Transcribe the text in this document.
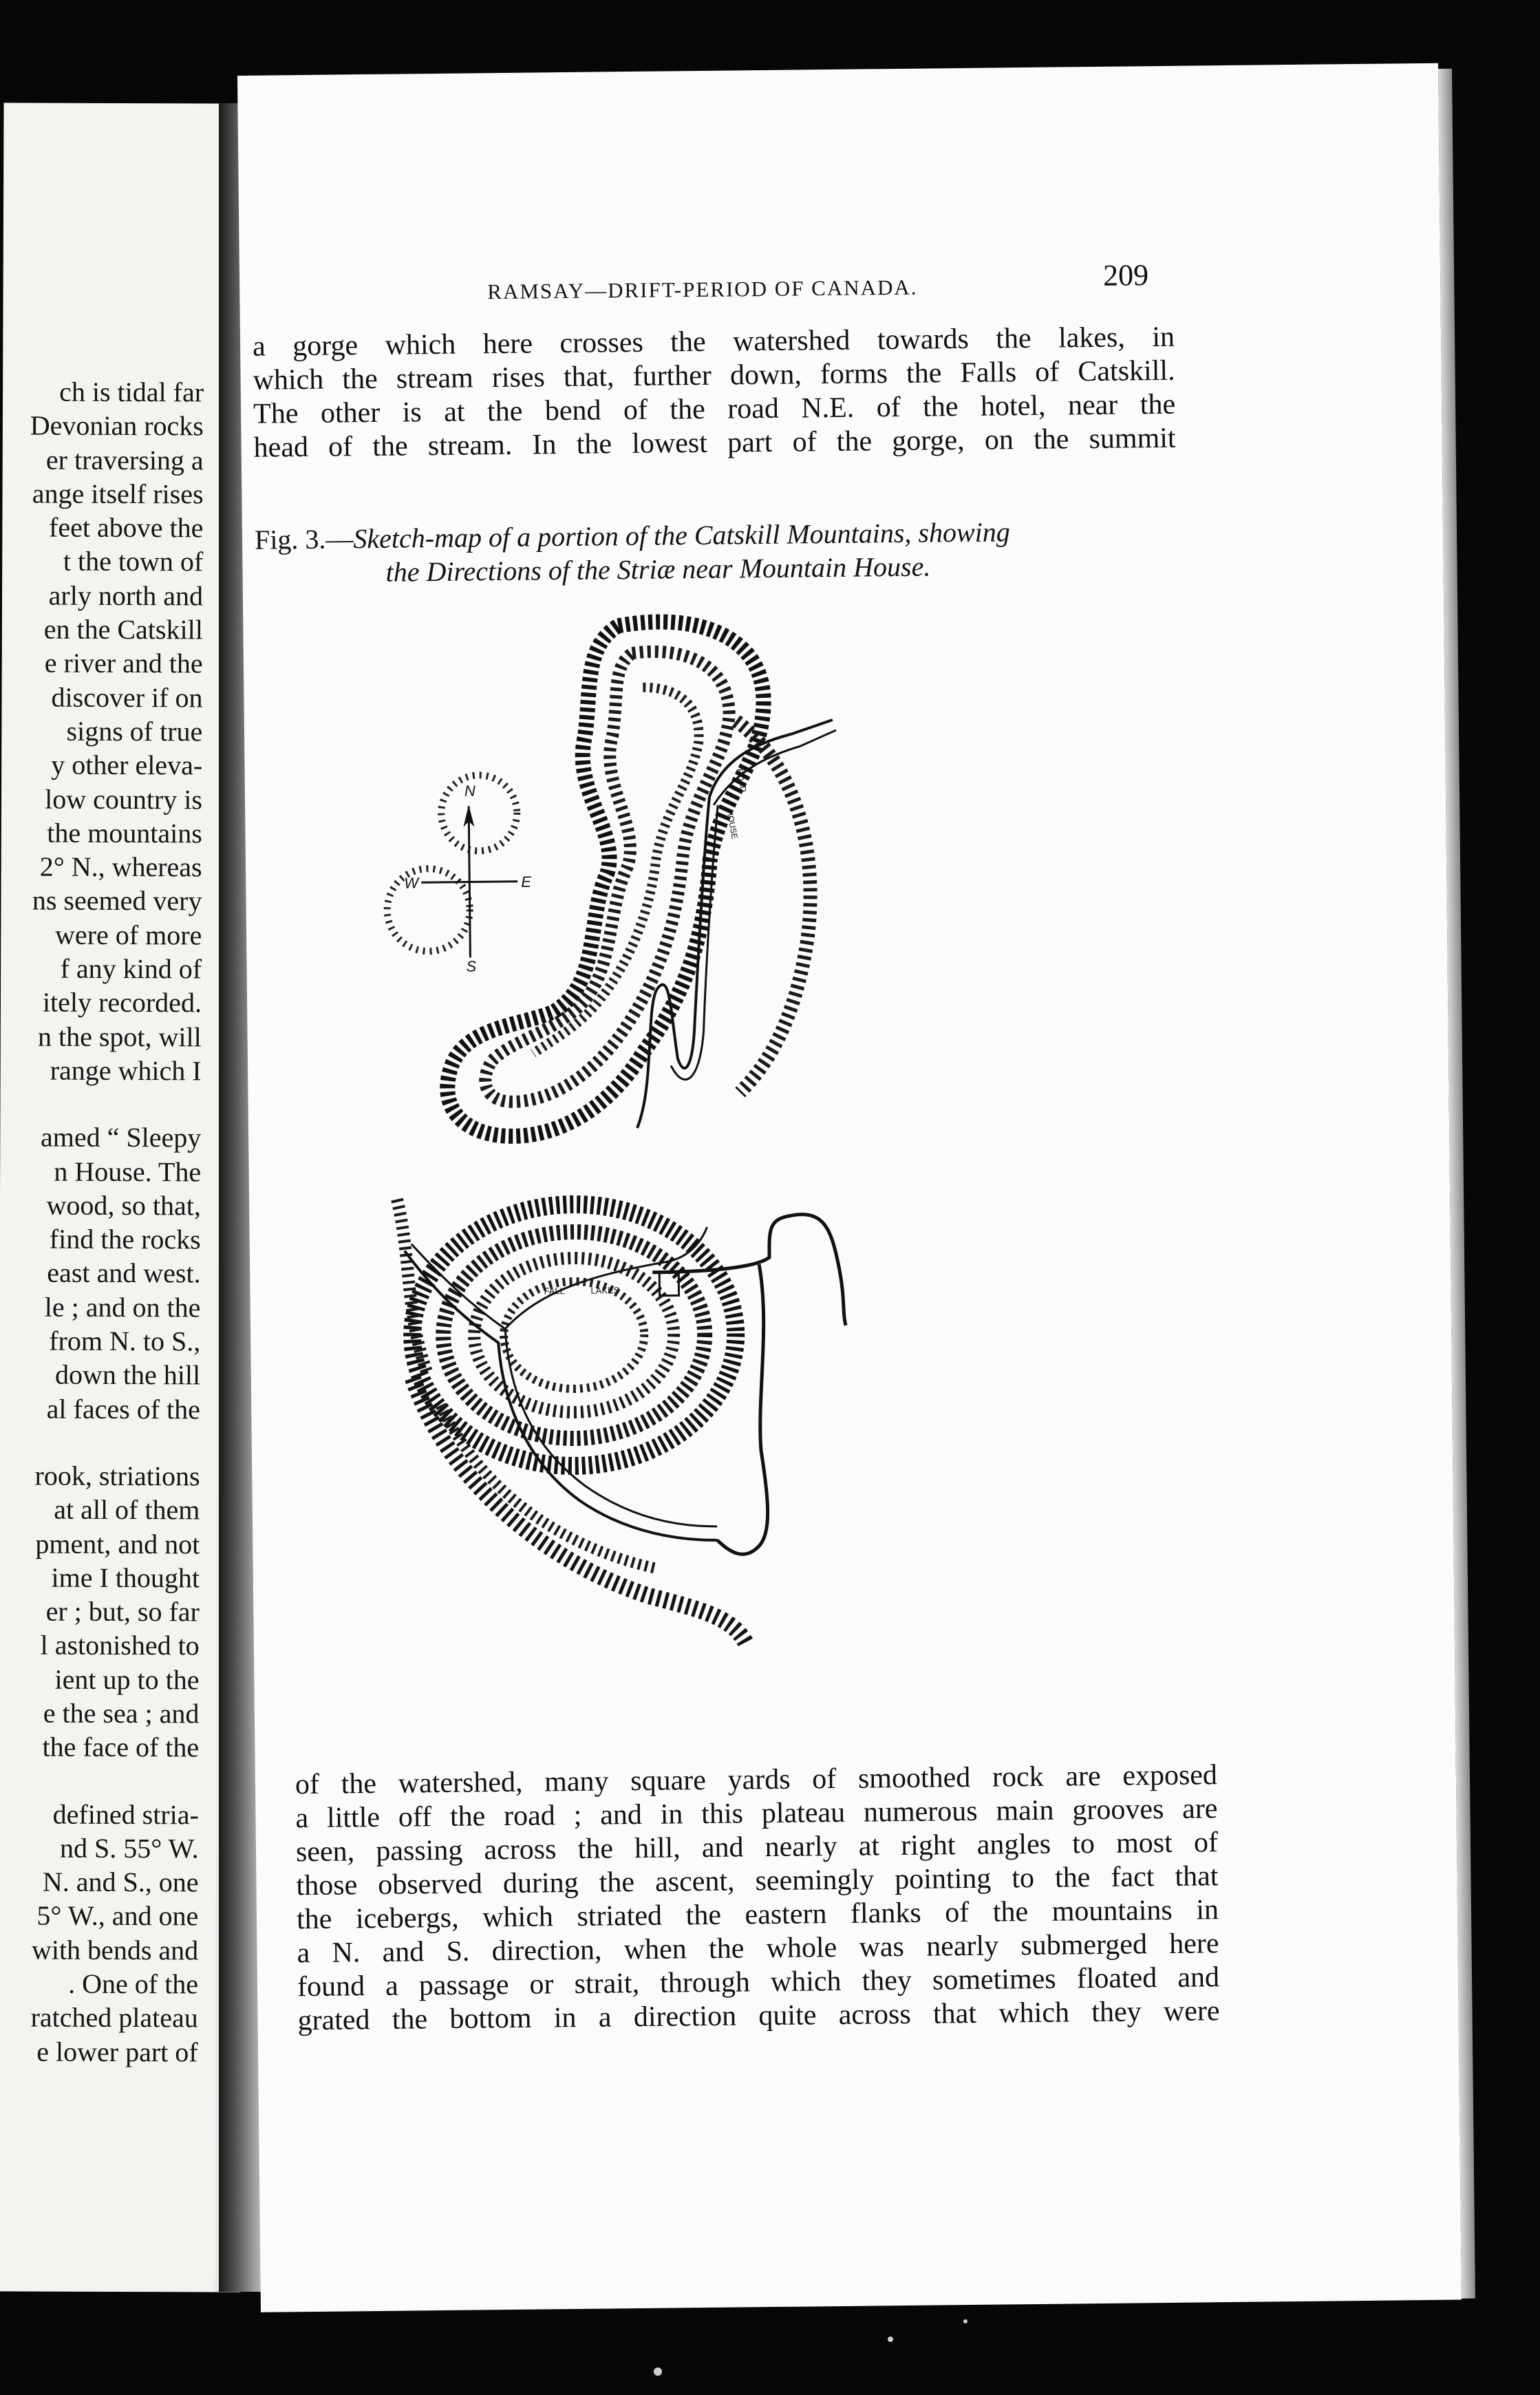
ch is tidal far
Devonian rocks
er traversing a
ange itself rises
feet above the
t the town of
arly north and
en the Catskill
e river and the
discover if on
signs of true
y other eleva-
low country is
the mountains
2° N., whereas
ns seemed very
were of more
f any kind of
itely recorded.
n the spot, will
range which I
amed “ Sleepy
n House. The
wood, so that,
find the rocks
east and west.
le ; and on the
from N. to S.,
down the hill
al faces of the
rook, striations
at all of them
pment, and not
ime I thought
er ; but, so far
l astonished to
ient up to the
e the sea ; and
the face of the
defined stria-
nd S. 55° W.
N. and S., one
5° W., and one
with bends and
. One of the
ratched plateau
e lower part of
RAMSAY—DRIFT-PERIOD OF CANADA.	209
a gorge which here crosses the watershed towards the lakes, in
which the stream rises that, further down, forms the Falls of Catskill.
The other is at the bend of the road N.E. of the hotel, near the
head of the stream. In the lowest part of the gorge, on the summit
Fig. 3.—Sketch-map of a portion of the Catskill Mountains, showing
the Directions of the Striæ near Mountain House.
N
S
E
W
FALL	LAKES
ROAD
HOUSE
of the watershed, many square yards of smoothed rock are exposed
a little off the road ; and in this plateau numerous main grooves are
seen, passing across the hill, and nearly at right angles to most of
those observed during the ascent, seemingly pointing to the fact that
the icebergs, which striated the eastern flanks of the mountains in
a N. and S. direction, when the whole was nearly submerged here
found a passage or strait, through which they sometimes floated and
grated the bottom in a direction quite across that which they were
